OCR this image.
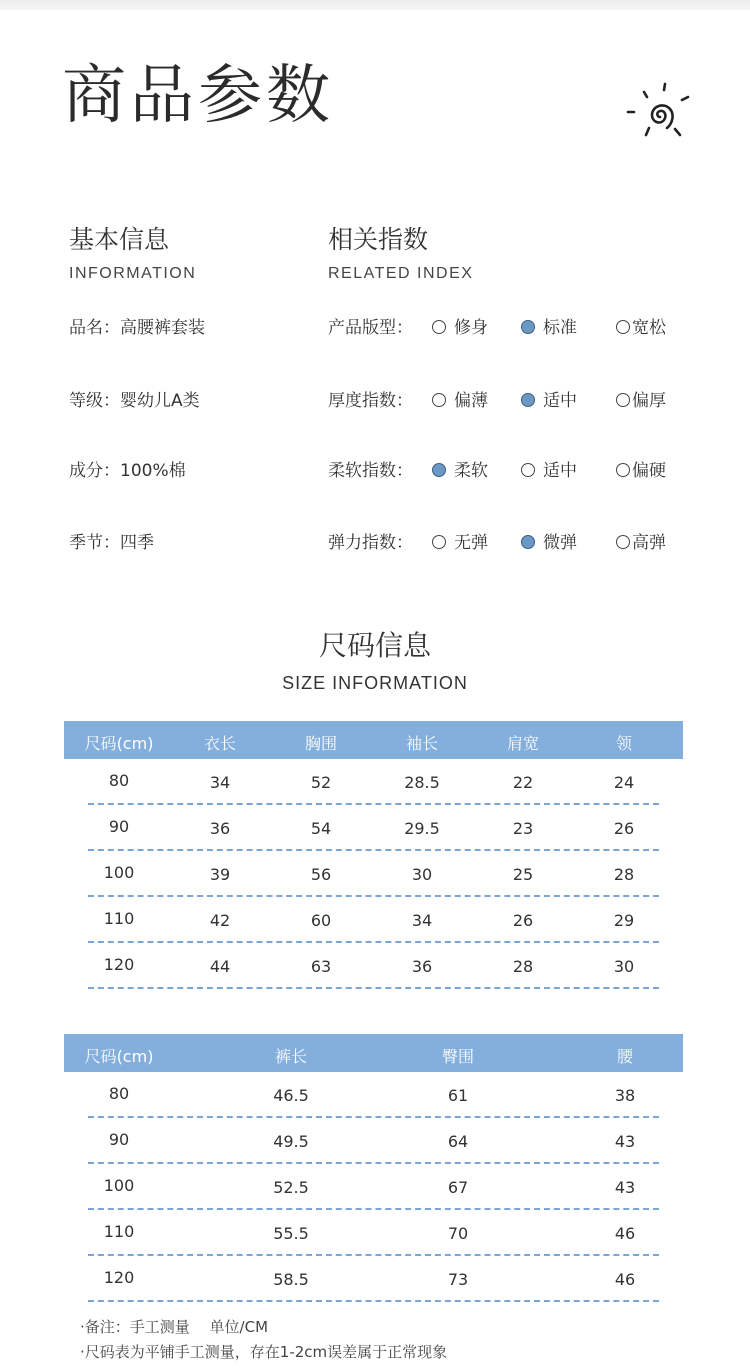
商品参数
基本信息
INFORMATION
相关指数
RELATED INDEX
品名：高腰裤套装
等级：婴幼儿A类
成分：100%棉
季节：四季
产品版型：	修身	标准	宽松
厚度指数：	偏薄	适中	偏厚
柔软指数：	柔软	适中	偏硬
弹力指数：	无弹	微弹	高弹
尺码信息
SIZE INFORMATION
尺码(cm)	衣长	胸围	袖长	肩宽	领
80	34	52	28.5	22	24
90	36	54	29.5	23	26
100	39	56	30	25	28
110	42	60	34	26	29
120	44	63	36	28	30
尺码(cm)	裤长	臀围	腰
80	46.5	61	38
90	49.5	64	43
100	52.5	67	43
110	55.5	70	46
120	58.5	73	46
·备注：手工测量　 单位/CM
·尺码表为平铺手工测量，存在1-2cm误差属于正常现象
